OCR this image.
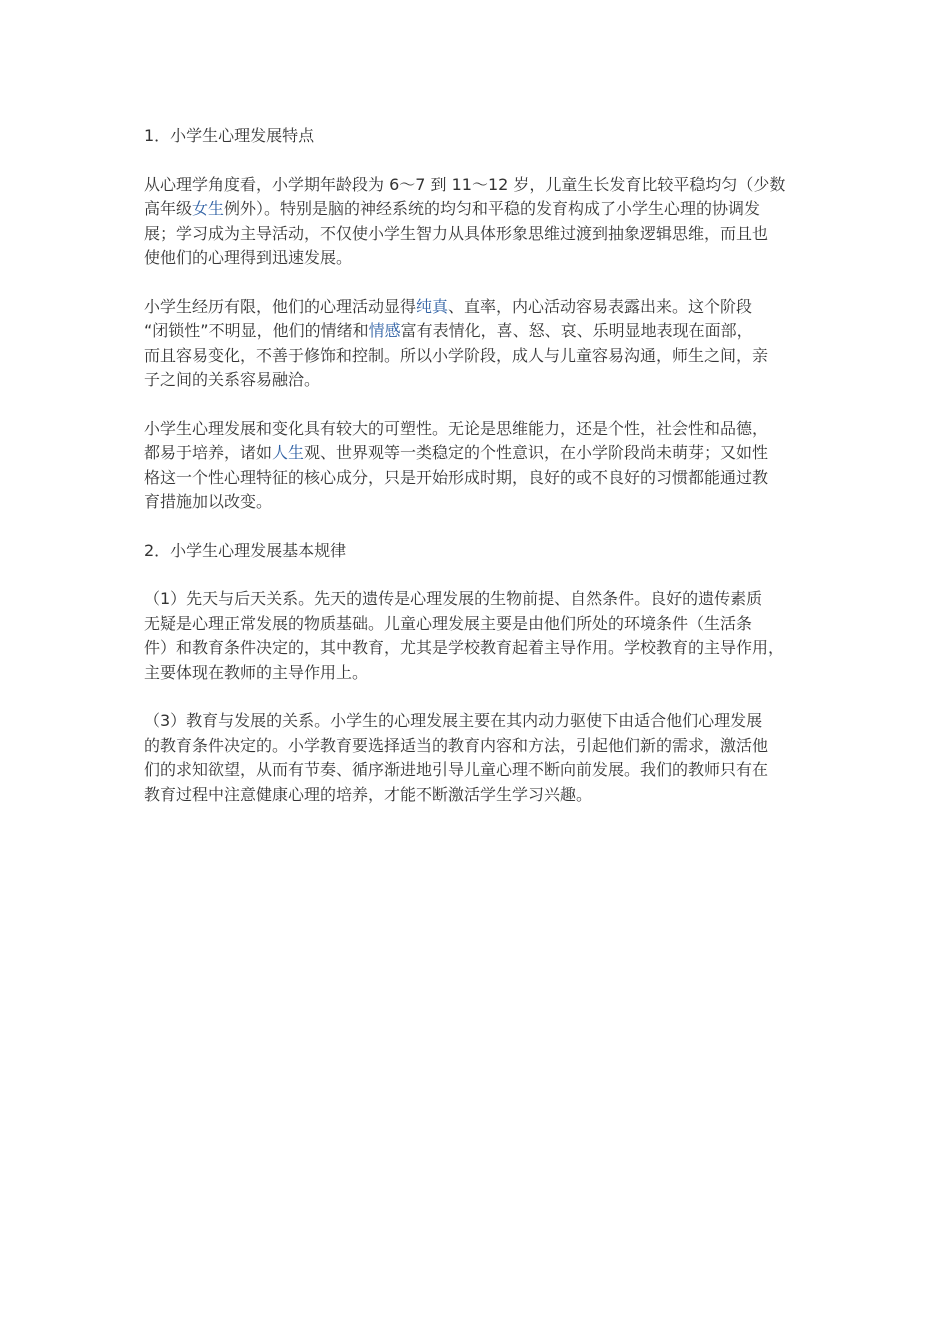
1．小学生心理发展特点
从心理学角度看，小学期年龄段为 6～7 到 11～12 岁，儿童生长发育比较平稳均匀（少数
高年级女生例外）。特别是脑的神经系统的均匀和平稳的发育构成了小学生心理的协调发
展；学习成为主导活动，不仅使小学生智力从具体形象思维过渡到抽象逻辑思维，而且也
使他们的心理得到迅速发展。
小学生经历有限，他们的心理活动显得纯真、直率，内心活动容易表露出来。这个阶段
“闭锁性”不明显，他们的情绪和情感富有表情化，喜、怒、哀、乐明显地表现在面部，
而且容易变化，不善于修饰和控制。所以小学阶段，成人与儿童容易沟通，师生之间，亲
子之间的关系容易融洽。
小学生心理发展和变化具有较大的可塑性。无论是思维能力，还是个性，社会性和品德，
都易于培养，诸如人生观、世界观等一类稳定的个性意识，在小学阶段尚未萌芽；又如性
格这一个性心理特征的核心成分，只是开始形成时期，良好的或不良好的习惯都能通过教
育措施加以改变。
2．小学生心理发展基本规律
（1）先天与后天关系。先天的遗传是心理发展的生物前提、自然条件。良好的遗传素质
无疑是心理正常发展的物质基础。儿童心理发展主要是由他们所处的环境条件（生活条
件）和教育条件决定的，其中教育，尤其是学校教育起着主导作用。学校教育的主导作用，
主要体现在教师的主导作用上。
（3）教育与发展的关系。小学生的心理发展主要在其内动力驱使下由适合他们心理发展
的教育条件决定的。小学教育要选择适当的教育内容和方法，引起他们新的需求，激活他
们的求知欲望，从而有节奏、循序渐进地引导儿童心理不断向前发展。我们的教师只有在
教育过程中注意健康心理的培养，才能不断激活学生学习兴趣。
